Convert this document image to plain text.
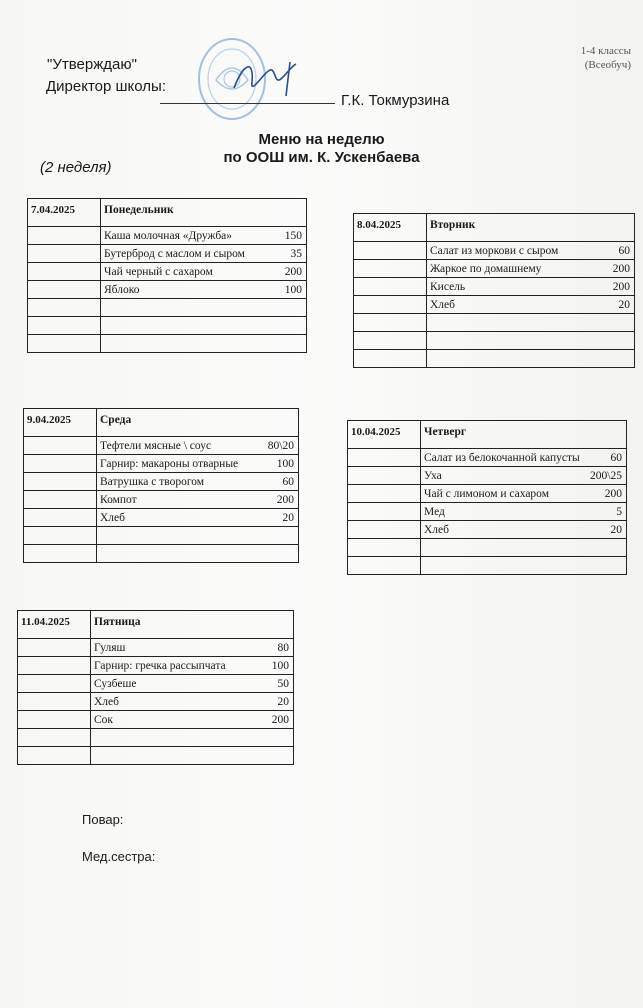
1-4 классы
(Всеобуч)
"Утверждаю"
Директор школы:
Г.К. Токмурзина
Меню на неделю
по ООШ им. К. Ускенбаева
(2 неделя)
7.04.2025	Понедельник	
	Каша молочная «Дружба»	150
	Бутерброд с маслом и сыром	35
	Чай черный с сахаром	200
	Яблоко	100

8.04.2025	Вторник	
	Салат из моркови с сыром	60
	Жаркое по домашнему	200
	Кисель	200
	Хлеб	20

9.04.2025	Среда	
	Тефтели мясные \ соус	80\20
	Гарнир: макароны отварные	100
	Ватрушка с творогом	60
	Компот	200
	Хлеб	20

10.04.2025	Четверг	
	Салат из белокочанной капусты	60
	Уха	200\25
	Чай с лимоном и сахаром	200
	Мед	5
	Хлеб	20

11.04.2025	Пятница	
	Гуляш	80
	Гарнир: гречка рассыпчата	100
	Сузбеше	50
	Хлеб	20
	Сок	200

Повар:
Мед.сестра:
